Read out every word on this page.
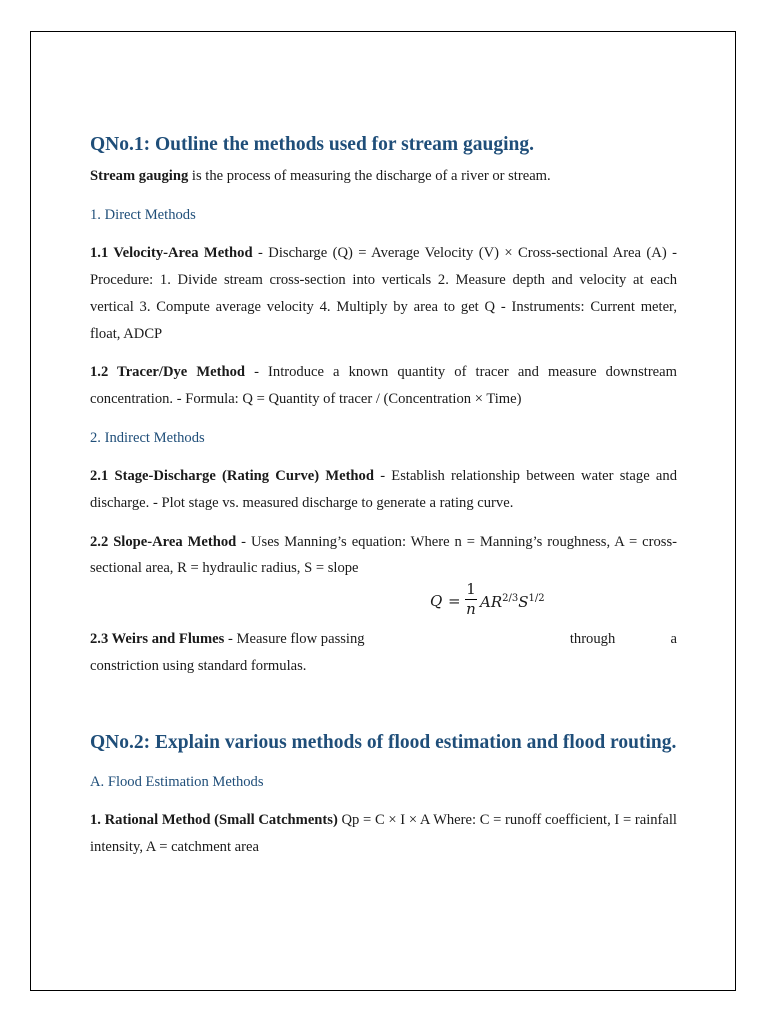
QNo.1: Outline the methods used for stream gauging.

Stream gauging is the process of measuring the discharge of a river or stream.

1. Direct Methods

1.1 Velocity-Area Method - Discharge (Q) = Average Velocity (V) × Cross-sectional Area (A) - Procedure: 1. Divide stream cross-section into verticals 2. Measure depth and velocity at each vertical 3. Compute average velocity 4. Multiply by area to get Q - Instruments: Current meter, float, ADCP

1.2 Tracer/Dye Method - Introduce a known quantity of tracer and measure downstream concentration. - Formula: Q = Quantity of tracer / (Concentration × Time)

2. Indirect Methods

2.1 Stage-Discharge (Rating Curve) Method - Establish relationship between water stage and discharge. - Plot stage vs. measured discharge to generate a rating curve.

2.2 Slope-Area Method - Uses Manning’s equation: Where n = Manning’s roughness, A = cross-sectional area, R = hydraulic radius, S = slope

$Q = \frac{1}{n} AR^{2/3}S^{1/2}$
2.3 Weirs and Flumes - Measure flow passing	through	a

constriction using standard formulas.

QNo.2: Explain various methods of flood estimation and flood routing.

A. Flood Estimation Methods

1. Rational Method (Small Catchments) Qp = C × I × A Where: C = runoff coefficient, I = rainfall intensity, A = catchment area
